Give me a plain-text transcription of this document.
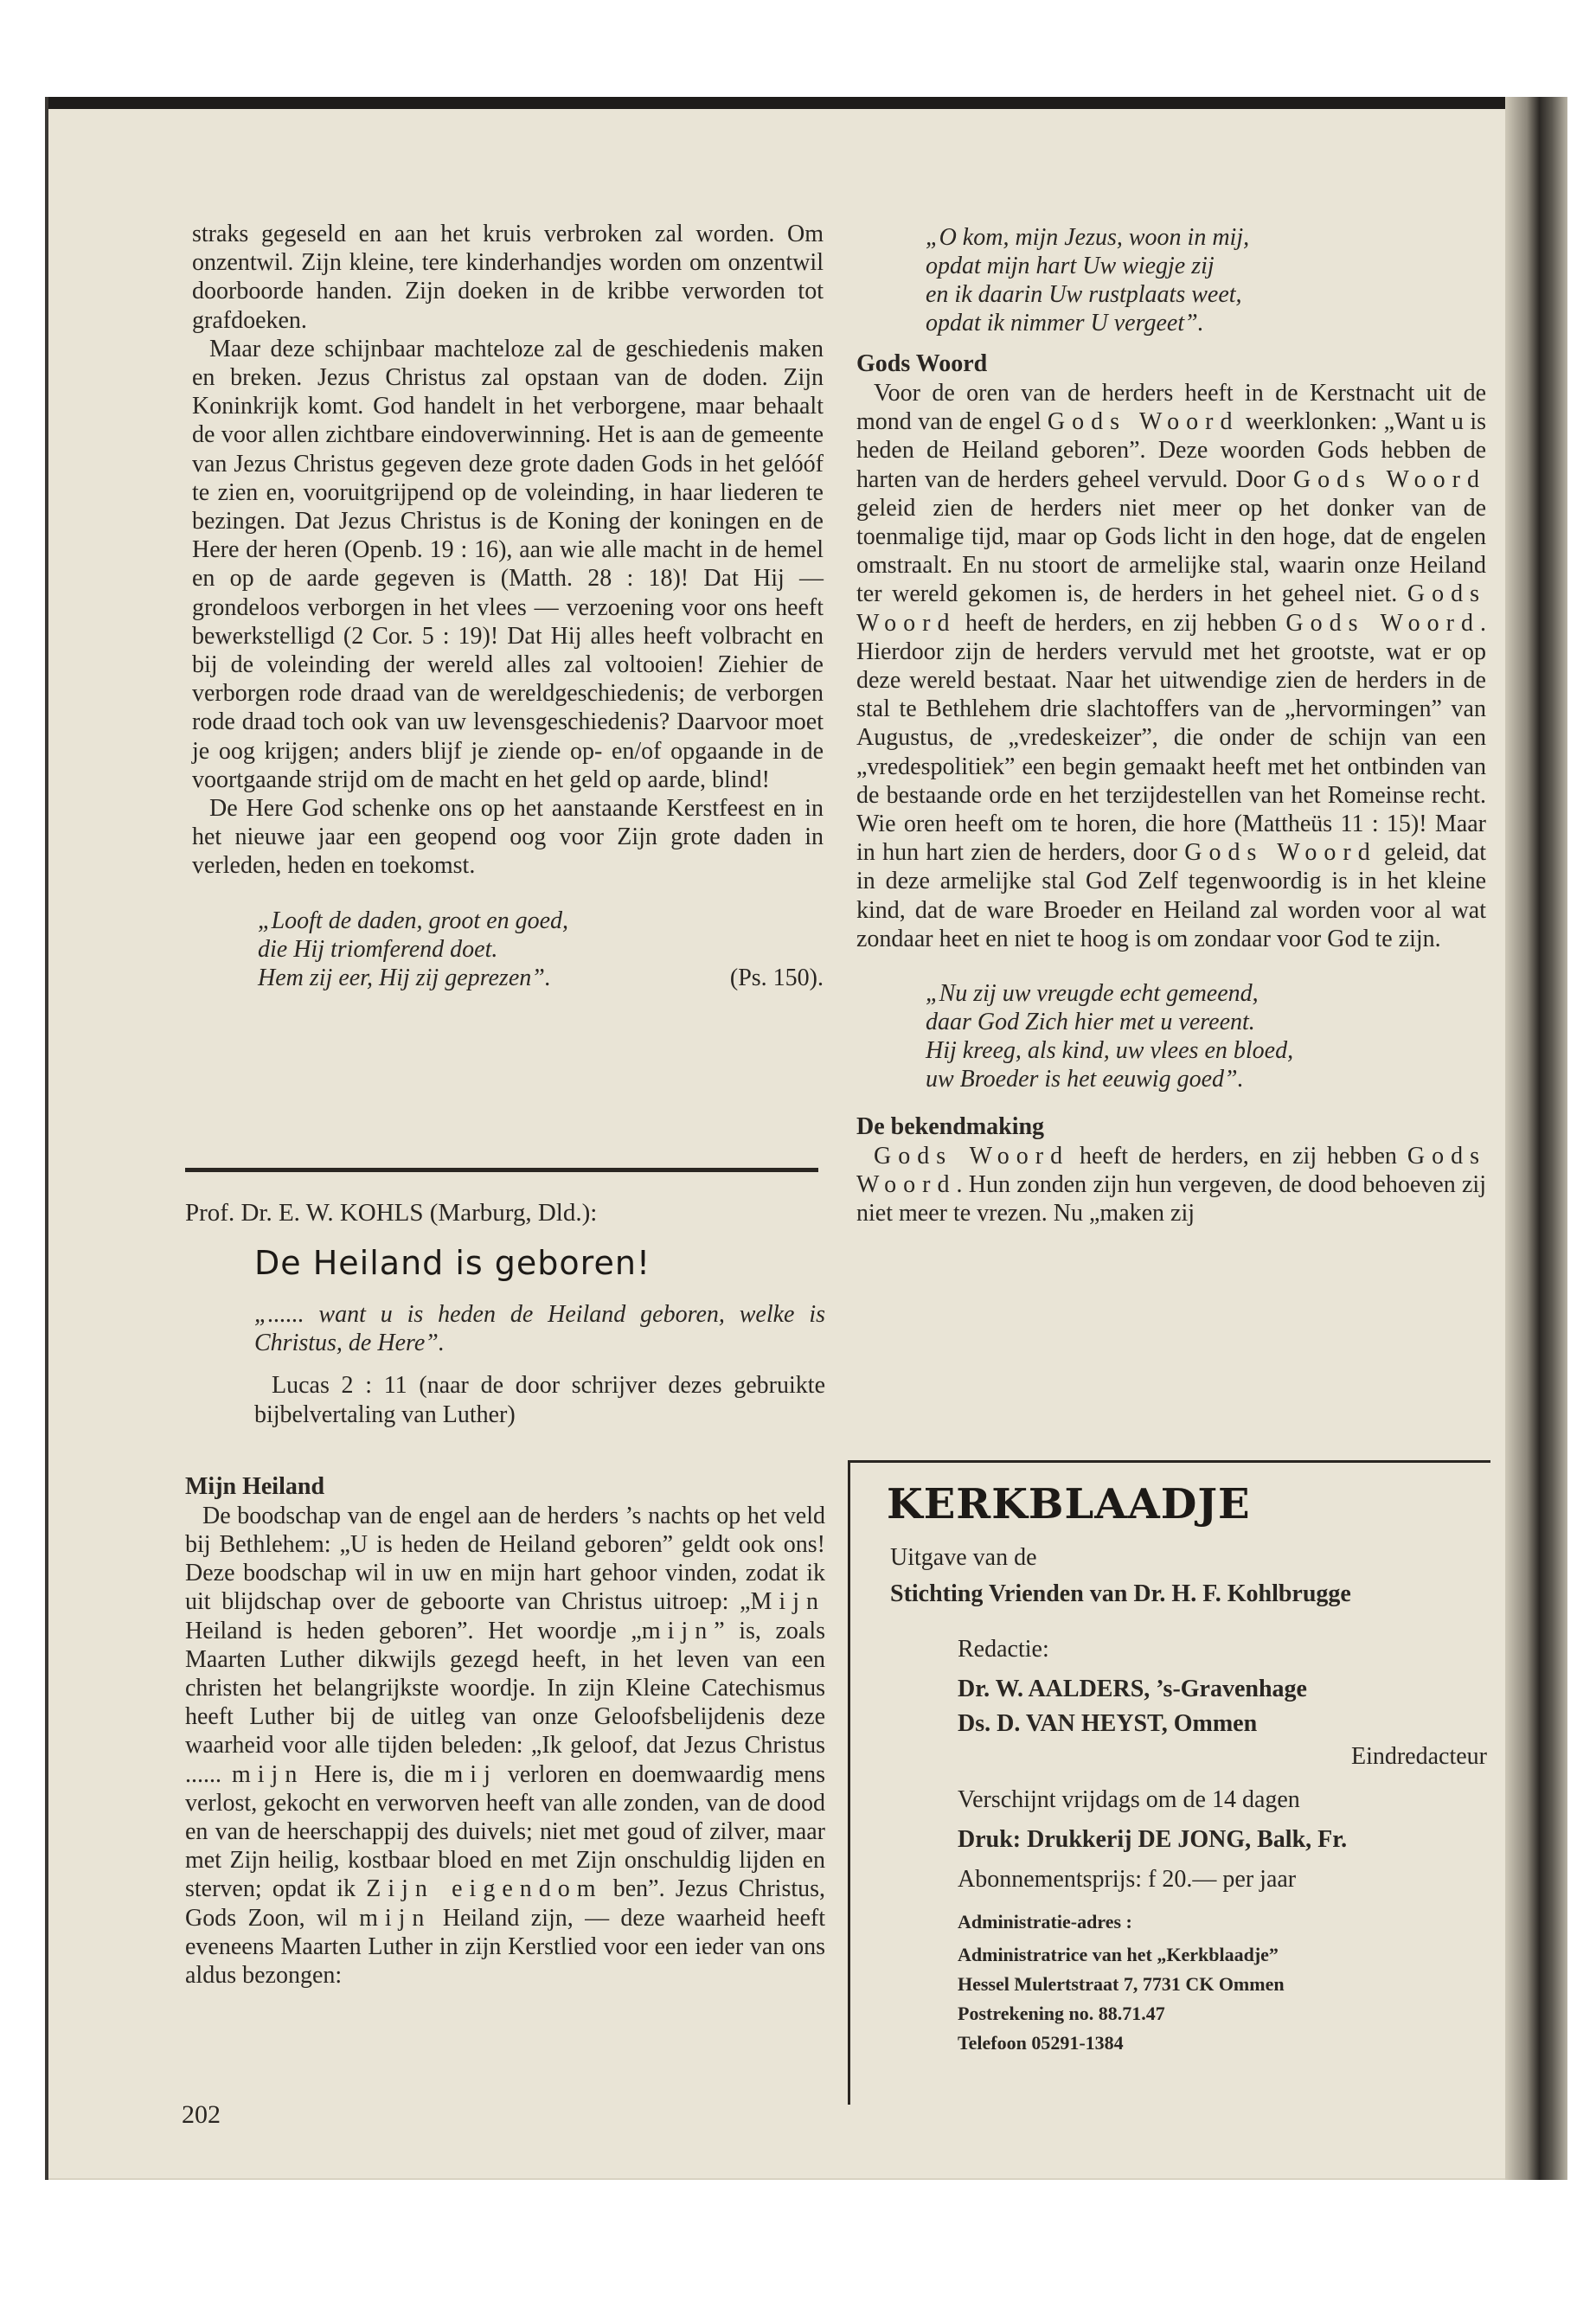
straks gegeseld en aan het kruis verbroken zal worden. Om onzentwil. Zijn kleine, tere kinderhandjes worden om onzentwil doorboorde handen. Zijn doeken in de kribbe verworden tot grafdoeken.

Maar deze schijnbaar machteloze zal de geschiedenis maken en breken. Jezus Christus zal opstaan van de doden. Zijn Koninkrijk komt. God handelt in het verborgene, maar behaalt de voor allen zichtbare eindoverwinning. Het is aan de gemeente van Jezus Christus gegeven deze grote daden Gods in het gelóóf te zien en, vooruitgrijpend op de voleinding, in haar liederen te bezingen. Dat Jezus Christus is de Koning der koningen en de Here der heren (Openb. 19 : 16), aan wie alle macht in de hemel en op de aarde gegeven is (Matth. 28 : 18)! Dat Hij — grondeloos verborgen in het vlees — verzoening voor ons heeft bewerkstelligd (2 Cor. 5 : 19)! Dat Hij alles heeft volbracht en bij de voleinding der wereld alles zal voltooien! Ziehier de verborgen rode draad van de wereldgeschiedenis; de verborgen rode draad toch ook van uw levensgeschiedenis? Daarvoor moet je oog krijgen; anders blijf je ziende op- en/of opgaande in de voortgaande strijd om de macht en het geld op aarde, blind!

De Here God schenke ons op het aanstaande Kerstfeest en in het nieuwe jaar een geopend oog voor Zijn grote daden in verleden, heden en toekomst.

„Looft de daden, groot en goed,
die Hij triomferend doet.
Hem zij eer, Hij zij geprezen”.	(Ps. 150).

Prof. Dr. E. W. KOHLS (Marburg, Dld.):

De Heiland is geboren!

„...... want u is heden de Heiland geboren, welke is Christus, de Here”.

Lucas 2 : 11 (naar de door schrijver dezes gebruikte bijbelvertaling van Luther)

Mijn Heiland

De boodschap van de engel aan de herders ’s nachts op het veld bij Bethlehem: „U is heden de Heiland geboren” geldt ook ons! Deze boodschap wil in uw en mijn hart gehoor vinden, zodat ik uit blijdschap over de geboorte van Christus uitroep: „Mijn Heiland is heden geboren”. Het woordje „mijn” is, zoals Maarten Luther dikwijls gezegd heeft, in het leven van een christen het belangrijkste woordje. In zijn Kleine Catechismus heeft Luther bij de uitleg van onze Geloofsbelijdenis deze waarheid voor alle tijden beleden: „Ik geloof, dat Jezus Christus ...... mijn Here is, die mij verloren en doemwaardig mens verlost, gekocht en verworven heeft van alle zonden, van de dood en van de heerschappij des duivels; niet met goud of zilver, maar met Zijn heilig, kostbaar bloed en met Zijn onschuldig lijden en sterven; opdat ik Zijn eigendom ben”. Jezus Christus, Gods Zoon, wil mijn Heiland zijn, — deze waarheid heeft eveneens Maarten Luther in zijn Kerstlied voor een ieder van ons aldus bezongen:

202
„O kom, mijn Jezus, woon in mij,
opdat mijn hart Uw wiegje zij
en ik daarin Uw rustplaats weet,
opdat ik nimmer U vergeet”.

Gods Woord

Voor de oren van de herders heeft in de Kerstnacht uit de mond van de engel Gods Woord weerklonken: „Want u is heden de Heiland geboren”. Deze woorden Gods hebben de harten van de herders geheel vervuld. Door Gods Woord geleid zien de herders niet meer op het donker van de toenmalige tijd, maar op Gods licht in den hoge, dat de engelen omstraalt. En nu stoort de armelijke stal, waarin onze Heiland ter wereld gekomen is, de herders in het geheel niet. Gods Woord heeft de herders, en zij hebben Gods Woord. Hierdoor zijn de herders vervuld met het grootste, wat er op deze wereld bestaat. Naar het uitwendige zien de herders in de stal te Bethlehem drie slachtoffers van de „hervormingen” van Augustus, de „vredeskeizer”, die onder de schijn van een „vredespolitiek” een begin gemaakt heeft met het ontbinden van de bestaande orde en het terzijdestellen van het Romeinse recht. Wie oren heeft om te horen, die hore (Mattheüs 11 : 15)! Maar in hun hart zien de herders, door Gods Woord geleid, dat in deze armelijke stal God Zelf tegenwoordig is in het kleine kind, dat de ware Broeder en Heiland zal worden voor al wat zondaar heet en niet te hoog is om zondaar voor God te zijn.

„Nu zij uw vreugde echt gemeend,
daar God Zich hier met u vereent.
Hij kreeg, als kind, uw vlees en bloed,
uw Broeder is het eeuwig goed”.

De bekendmaking

Gods Woord heeft de herders, en zij hebben Gods Woord. Hun zonden zijn hun vergeven, de dood behoeven zij niet meer te vrezen. Nu „maken zij

KERKBLAADJE
Uitgave van de
Stichting Vrienden van Dr. H. F. Kohlbrugge
Redactie:
Dr. W. AALDERS, ’s-Gravenhage
Ds. D. VAN HEYST, Ommen
Eindredacteur
Verschijnt vrijdags om de 14 dagen
Druk: Drukkerij DE JONG, Balk, Fr.
Abonnementsprijs: f 20.— per jaar
Administratie-adres :
Administratrice van het „Kerkblaadje”
Hessel Mulertstraat 7, 7731 CK Ommen
Postrekening no. 88.71.47
Telefoon 05291-1384
